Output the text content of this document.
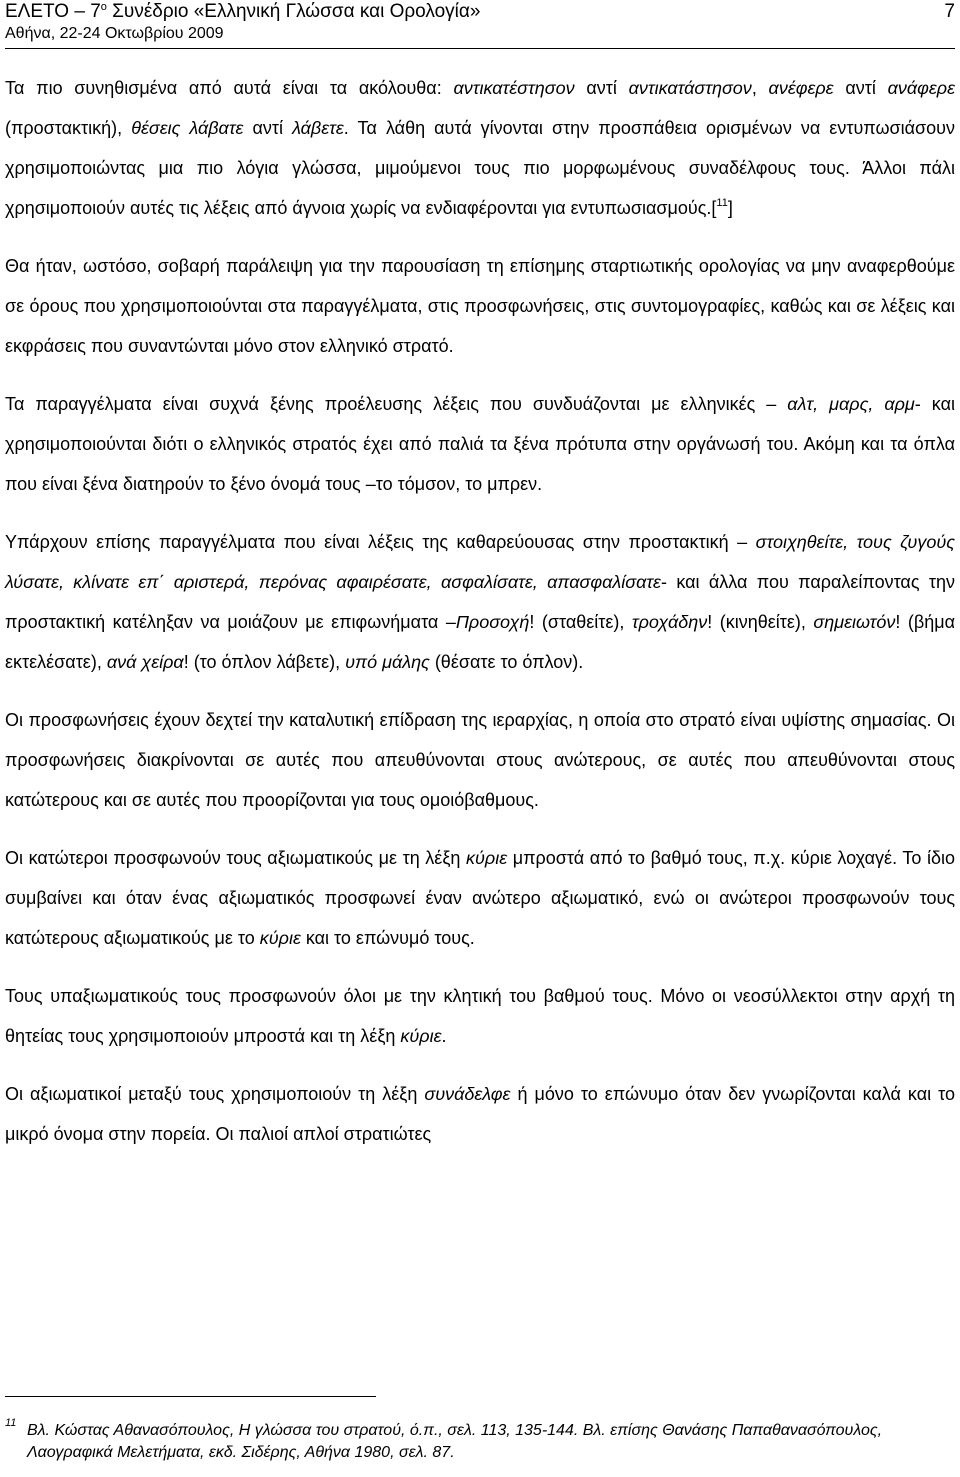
ΕΛΕΤΟ – $7^o$ Συνέδριο «Ελληνική Γλώσσα και Ορολογία»
Αθήνα, 22-24 Οκτωβρίου 2009
7

Τα πιο συνηθισμένα από αυτά είναι τα ακόλουθα: αντικατέστησον αντί αντικατάστησον, ανέφερε αντί ανάφερε (προστακτική), θέσεις λάβατε αντί λάβετε. Τα λάθη αυτά γίνονται στην προσπάθεια ορισμένων να εντυπωσιάσουν χρησιμοποιώντας μια πιο λόγια γλώσσα, μιμούμενοι τους πιο μορφωμένους συναδέλφους τους. Άλλοι πάλι χρησιμοποιούν αυτές τις λέξεις από άγνοια χωρίς να ενδιαφέρονται για εντυπωσιασμούς.[$^{11}$]

Θα ήταν, ωστόσο, σοβαρή παράλειψη για την παρουσίαση τη επίσημης σταρτιωτικής ορολογίας να μην αναφερθούμε σε όρους που χρησιμοποιούνται στα παραγγέλματα, στις προσφωνήσεις, στις συντομογραφίες, καθώς και σε λέξεις και εκφράσεις που συναντώνται μόνο στον ελληνικό στρατό.

Τα παραγγέλματα είναι συχνά ξένης προέλευσης λέξεις που συνδυάζονται με ελληνικές – αλτ, μαρς, αρμ- και χρησιμοποιούνται διότι ο ελληνικός στρατός έχει από παλιά τα ξένα πρότυπα στην οργάνωσή του. Ακόμη και τα όπλα που είναι ξένα διατηρούν το ξένο όνομά τους –το τόμσον, το μπρεν.

Υπάρχουν επίσης παραγγέλματα που είναι λέξεις της καθαρεύουσας στην προστακτική – στοιχηθείτε, τους ζυγούς λύσατε, κλίνατε επ΄ αριστερά, περόνας αφαιρέσατε, ασφαλίσατε, απασφαλίσατε- και άλλα που παραλείποντας την προστακτική κατέληξαν να μοιάζουν με επιφωνήματα –Προσοχή! (σταθείτε), τροχάδην! (κινηθείτε), σημειωτόν! (βήμα εκτελέσατε), ανά χείρα! (το όπλον λάβετε), υπό μάλης (θέσατε το όπλον).

Οι προσφωνήσεις έχουν δεχτεί την καταλυτική επίδραση της ιεραρχίας, η οποία στο στρατό είναι υψίστης σημασίας. Οι προσφωνήσεις διακρίνονται σε αυτές που απευθύνονται στους ανώτερους, σε αυτές που απευθύνονται στους κατώτερους και σε αυτές που προορίζονται για τους ομοιόβαθμους.

Οι κατώτεροι προσφωνούν τους αξιωματικούς με τη λέξη κύριε μπροστά από το βαθμό τους, π.χ. κύριε λοχαγέ. Το ίδιο συμβαίνει και όταν ένας αξιωματικός προσφωνεί έναν ανώτερο αξιωματικό, ενώ οι ανώτεροι προσφωνούν τους κατώτερους αξιωματικούς με το κύριε και το επώνυμό τους.

Τους υπαξιωματικούς τους προσφωνούν όλοι με την κλητική του βαθμού τους. Μόνο οι νεοσύλλεκτοι στην αρχή τη θητείας τους χρησιμοποιούν μπροστά και τη λέξη κύριε.

Οι αξιωματικοί μεταξύ τους χρησιμοποιούν τη λέξη συνάδελφε ή μόνο το επώνυμο όταν δεν γνωρίζονται καλά και το μικρό όνομα στην πορεία. Οι παλιοί απλοί στρατιώτες

11 Βλ. Κώστας Αθανασόπουλος, Η γλώσσα του στρατού, ό.π., σελ. 113, 135-144. Βλ. επίσης Θανάσης Παπαθανασόπουλος, Λαογραφικά Μελετήματα, εκδ. Σιδέρης, Αθήνα 1980, σελ. 87.
